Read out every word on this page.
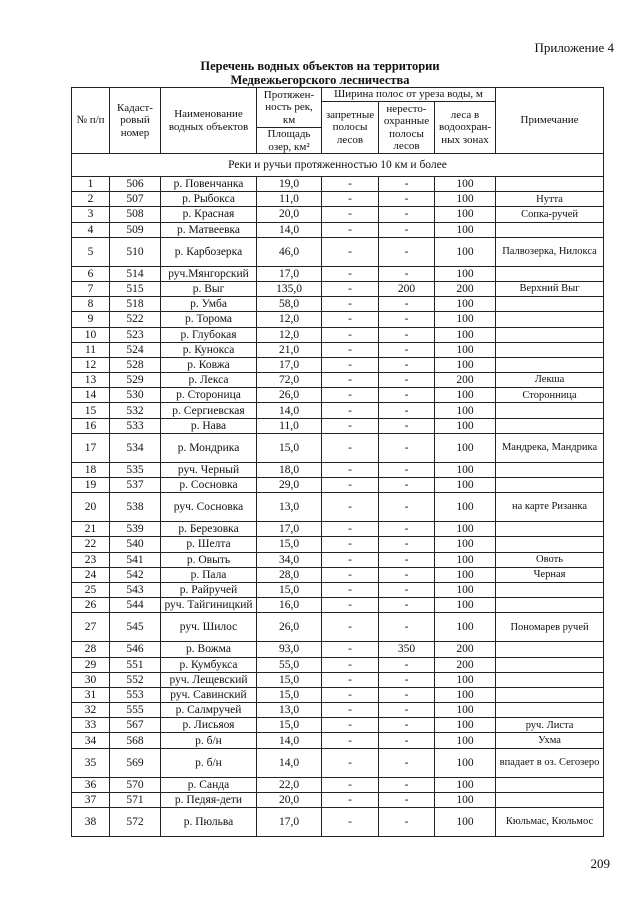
Приложение 4
Перечень водных объектов на территории
Медвежьегорского лесничества
№ п/п	Кадаст-ровый номер	Наименование водных объектов	Протяжен-ность рек, км	Ширина полос от уреза воды, м			Примечание
				запретные полосы лесов	нересто-охранные полосы лесов	леса в водоохран-ных зонах	
			Площадь озер, км²				
Реки и ручьи протяженностью 10 км и более							
1	506	р. Повенчанка	19,0	-	-	100	
2	507	р. Рыбокса	11,0	-	-	100	Нутта
3	508	р. Красная	20,0	-	-	100	Сопка-ручей
4	509	р. Матвеевка	14,0	-	-	100	
5	510	р. Карбозерка	46,0	-	-	100	Палвозерка, Нилокса
6	514	руч.Мянгорский	17,0	-	-	100	
7	515	р. Выг	135,0	-	200	200	Верхний Выг
8	518	р. Умба	58,0	-	-	100	
9	522	р. Торома	12,0	-	-	100	
10	523	р. Глубокая	12,0	-	-	100	
11	524	р. Кунокса	21,0	-	-	100	
12	528	р. Ковжа	17,0	-	-	100	
13	529	р. Лекса	72,0	-	-	200	Лекша
14	530	р. Стороница	26,0	-	-	100	Сторонница
15	532	р. Сергиевская	14,0	-	-	100	
16	533	р. Нава	11,0	-	-	100	
17	534	р. Мондрика	15,0	-	-	100	Мандрека, Мандрика
18	535	руч. Черный	18,0	-	-	100	
19	537	р. Сосновка	29,0	-	-	100	
20	538	руч. Сосновка	13,0	-	-	100	на карте Ризанка
21	539	р. Березовка	17,0	-	-	100	
22	540	р. Шелта	15,0	-	-	100	
23	541	р. Овыть	34,0	-	-	100	Овоть
24	542	р. Пала	28,0	-	-	100	Черная
25	543	р. Райручей	15,0	-	-	100	
26	544	руч. Тайгиницкий	16,0	-	-	100	
27	545	руч. Шилос	26,0	-	-	100	Пономарев ручей
28	546	р. Вожма	93,0	-	350	200	
29	551	р. Кумбукса	55,0	-	-	200	
30	552	руч. Лещевский	15,0	-	-	100	
31	553	руч. Савинский	15,0	-	-	100	
32	555	р. Салмручей	13,0	-	-	100	
33	567	р. Лисьяоя	15,0	-	-	100	руч. Листа
34	568	р. б/н	14,0	-	-	100	Ухма
35	569	р. б/н	14,0	-	-	100	впадает в оз. Сегозеро
36	570	р. Санда	22,0	-	-	100	
37	571	р. Педяя-дети	20,0	-	-	100	
38	572	р. Пюльва	17,0	-	-	100	Кюльмас, Кюльмос
209
